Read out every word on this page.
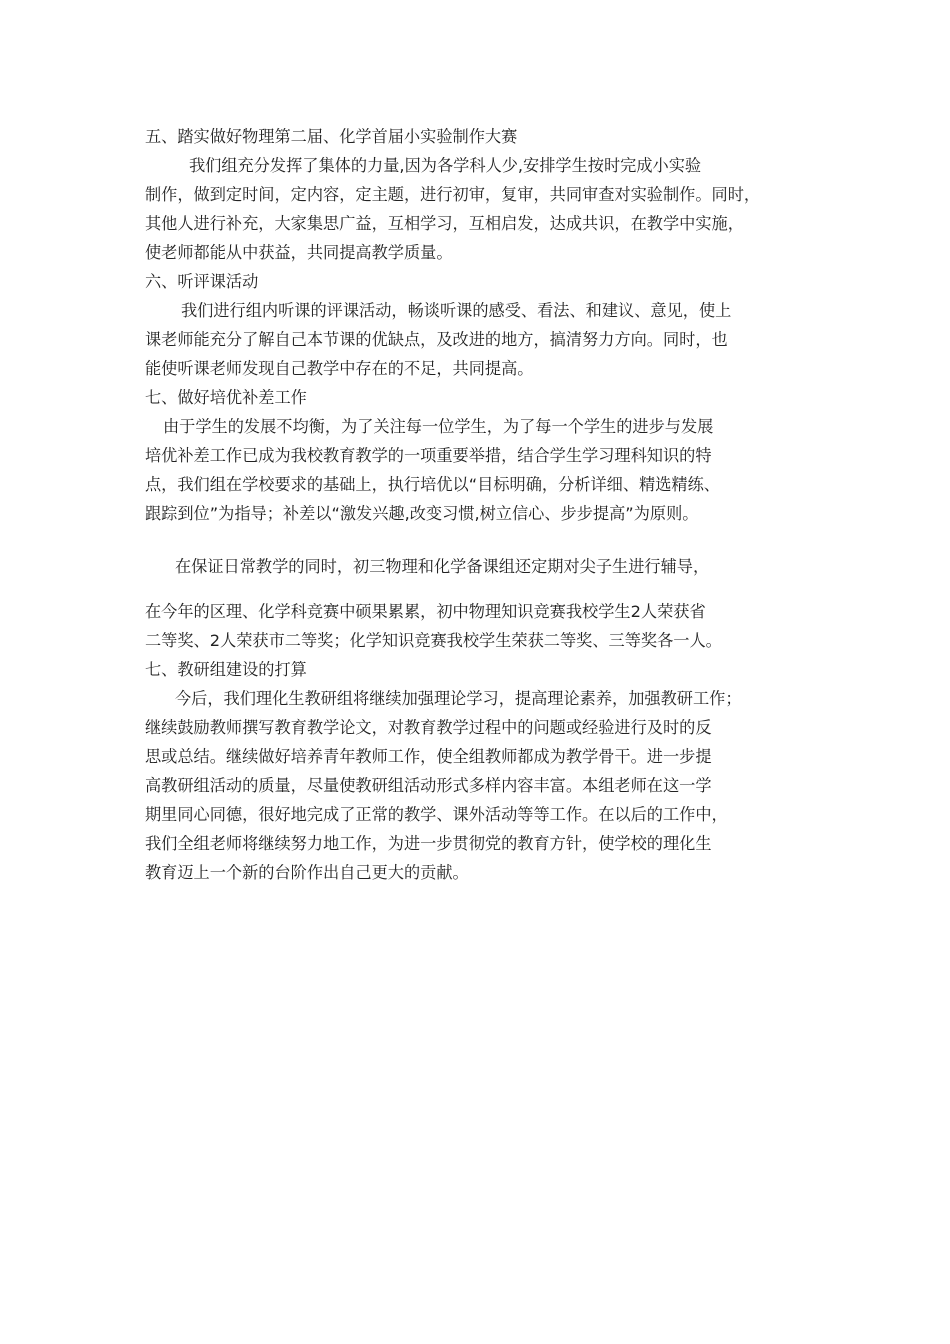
五、踏实做好物理第二届、化学首届小实验制作大赛
我们组充分发挥了集体的力量,因为各学科人少,安排学生按时完成小实验
制作，做到定时间，定内容，定主题，进行初审，复审，共同审查对实验制作。同时，
其他人进行补充，大家集思广益，互相学习，互相启发，达成共识，在教学中实施，
使老师都能从中获益，共同提高教学质量。
六、听评课活动
我们进行组内听课的评课活动，畅谈听课的感受、看法、和建议、意见，使上
课老师能充分了解自己本节课的优缺点，及改进的地方，搞清努力方向。同时，也
能使听课老师发现自己教学中存在的不足，共同提高。
七、做好培优补差工作
由于学生的发展不均衡，为了关注每一位学生，为了每一个学生的进步与发展
培优补差工作已成为我校教育教学的一项重要举措，结合学生学习理科知识的特
点，我们组在学校要求的基础上，执行培优以“目标明确，分析详细、精选精练、
跟踪到位”为指导；补差以“激发兴趣,改变习惯,树立信心、步步提高”为原则。
在保证日常教学的同时，初三物理和化学备课组还定期对尖子生进行辅导，
在今年的区理、化学科竞赛中硕果累累，初中物理知识竞赛我校学生2人荣获省
二等奖、2人荣获市二等奖；化学知识竞赛我校学生荣获二等奖、三等奖各一人。
七、教研组建设的打算
今后，我们理化生教研组将继续加强理论学习，提高理论素养，加强教研工作；
继续鼓励教师撰写教育教学论文，对教育教学过程中的问题或经验进行及时的反
思或总结。继续做好培养青年教师工作，使全组教师都成为教学骨干。进一步提
高教研组活动的质量，尽量使教研组活动形式多样内容丰富。本组老师在这一学
期里同心同德，很好地完成了正常的教学、课外活动等等工作。在以后的工作中，
我们全组老师将继续努力地工作，为进一步贯彻党的教育方针，使学校的理化生
教育迈上一个新的台阶作出自己更大的贡献。
